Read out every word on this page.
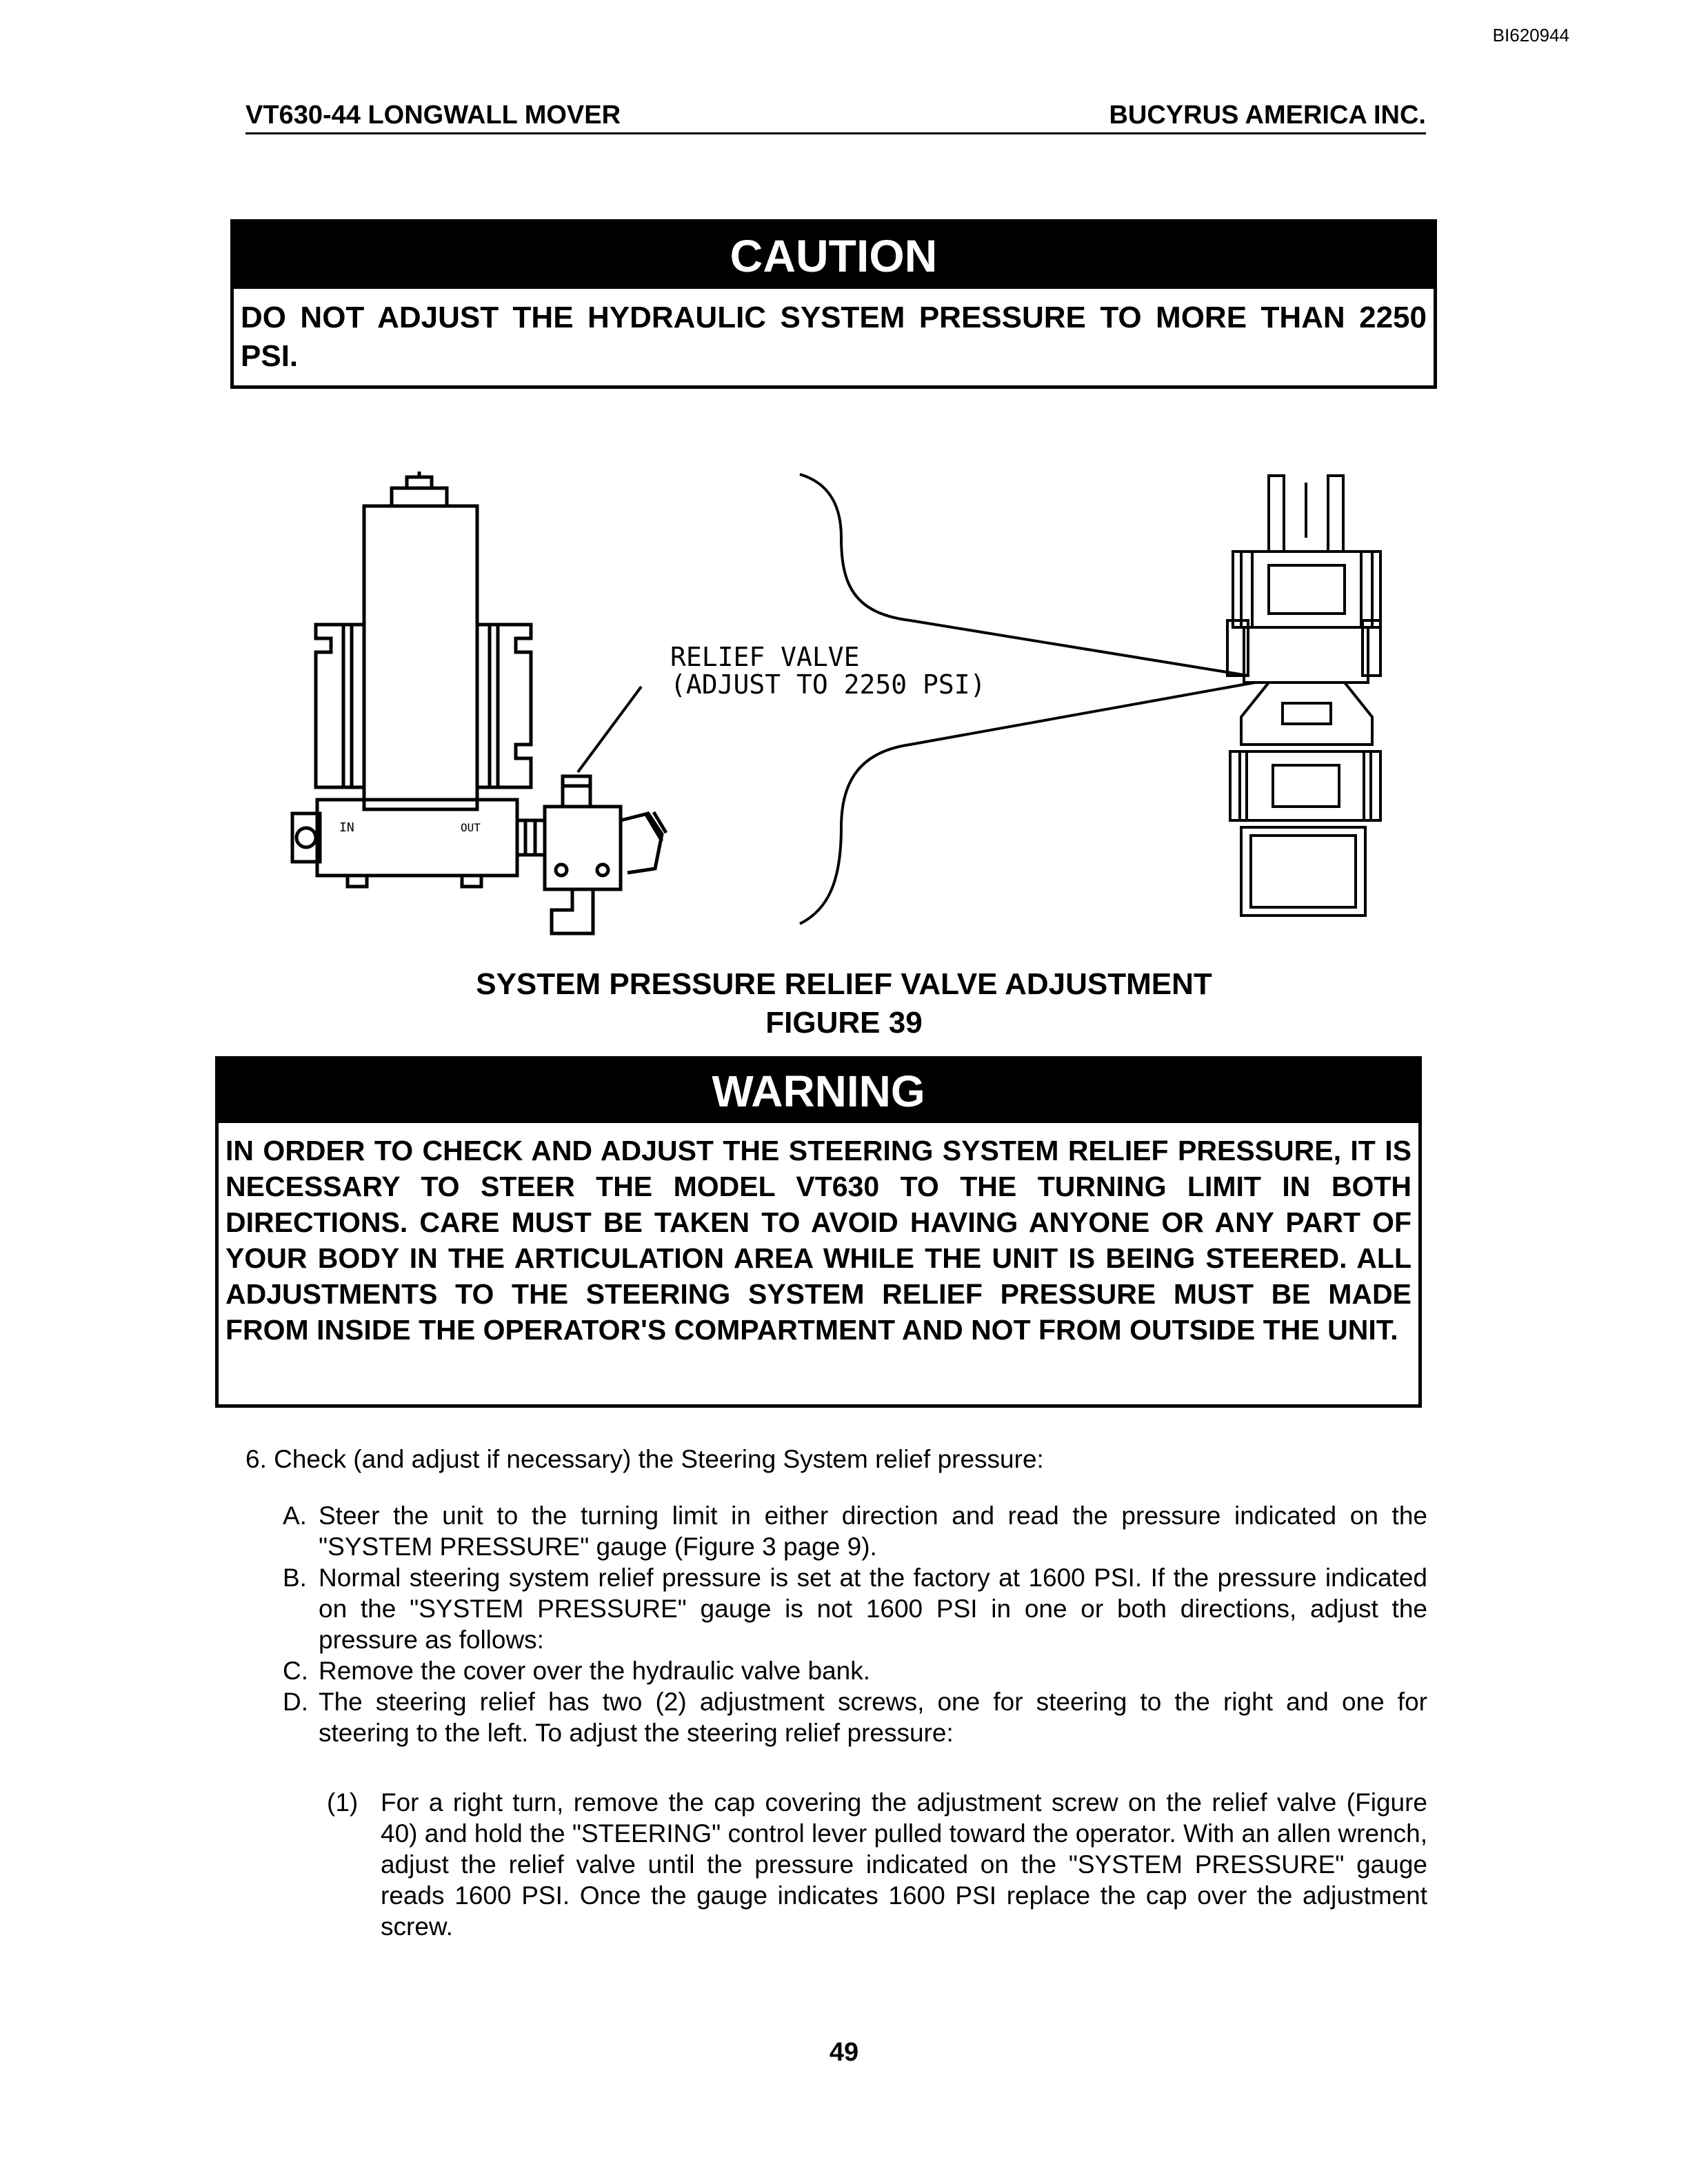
BI620944
VT630-44 LONGWALL MOVER	BUCYRUS AMERICA INC.
CAUTION
DO NOT ADJUST THE HYDRAULIC SYSTEM PRESSURE TO MORE THAN 2250 PSI.
IN	OUT
RELIEF VALVE
(ADJUST TO 2250 PSI)
SYSTEM PRESSURE RELIEF VALVE ADJUSTMENT
FIGURE 39
WARNING
IN ORDER TO CHECK AND ADJUST THE STEERING SYSTEM RELIEF PRESSURE, IT IS NECESSARY TO STEER THE MODEL VT630 TO THE TURNING LIMIT IN BOTH DIRECTIONS. CARE MUST BE TAKEN TO AVOID HAVING ANYONE OR ANY PART OF YOUR BODY IN THE ARTICULATION AREA WHILE THE UNIT IS BEING STEERED. ALL ADJUSTMENTS TO THE STEERING SYSTEM RELIEF PRESSURE MUST BE MADE FROM INSIDE THE OPERATOR'S COMPARTMENT AND NOT FROM OUTSIDE THE UNIT.
6. Check (and adjust if necessary) the Steering System relief pressure:
A. Steer the unit to the turning limit in either direction and read the pressure indicated on the "SYSTEM PRESSURE" gauge (Figure 3 page 9).
B. Normal steering system relief pressure is set at the factory at 1600 PSI. If the pressure indicated on the "SYSTEM PRESSURE" gauge is not 1600 PSI in one or both directions, adjust the pressure as follows:
C. Remove the cover over the hydraulic valve bank.
D. The steering relief has two (2) adjustment screws, one for steering to the right and one for steering to the left. To adjust the steering relief pressure:
(1) For a right turn, remove the cap covering the adjustment screw on the relief valve (Figure 40) and hold the "STEERING" control lever pulled toward the operator. With an allen wrench, adjust the relief valve until the pressure indicated on the "SYSTEM PRESSURE" gauge reads 1600 PSI. Once the gauge indicates 1600 PSI replace the cap over the adjustment screw.
49
